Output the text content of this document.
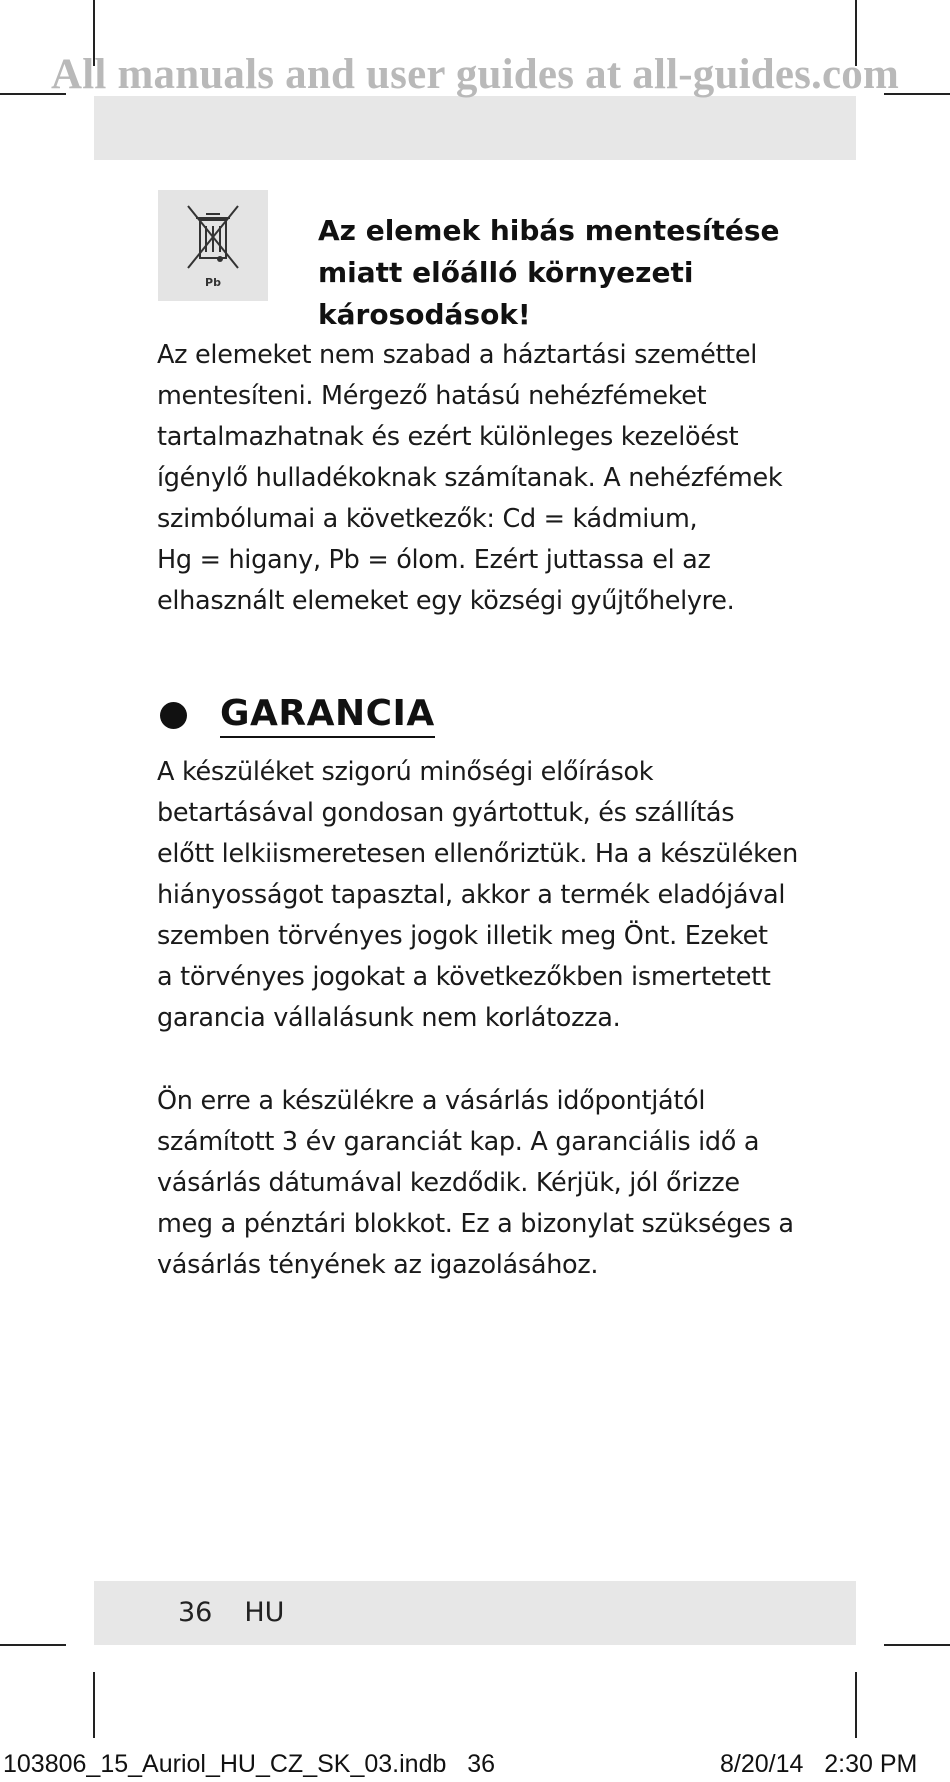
All manuals and user guides at all-guides.com
Pb
Az elemek hibás mentesítése
miatt előálló környezeti
károsodások!
Az elemeket nem szabad a háztartási szeméttel
mentesíteni. Mérgező hatású nehézfémeket
tartalmazhatnak és ezért különleges kezelöést
ígénylő hulladékoknak számítanak. A nehézfémek
szimbólumai a következők: Cd = kádmium,
Hg = higany, Pb = ólom. Ezért juttassa el az
elhasznált elemeket egy községi gyűjtőhelyre.
GARANCIA
A készüléket szigorú minőségi előírások
betartásával gondosan gyártottuk, és szállítás
előtt lelkiismeretesen ellenőriztük. Ha a készüléken
hiányosságot tapasztal, akkor a termék eladójával
szemben törvényes jogok illetik meg Önt. Ezeket
a törvényes jogokat a következőkben ismertetett
garancia vállalásunk nem korlátozza.
Ön erre a készülékre a vásárlás időpontjától
számított 3 év garanciát kap. A garanciális idő a
vásárlás dátumával kezdődik. Kérjük, jól őrizze
meg a pénztári blokkot. Ez a bizonylat szükséges a
vásárlás tényének az igazolásához.
36 HU
103806_15_Auriol_HU_CZ_SK_03.indb   36	8/20/14   2:30 PM
